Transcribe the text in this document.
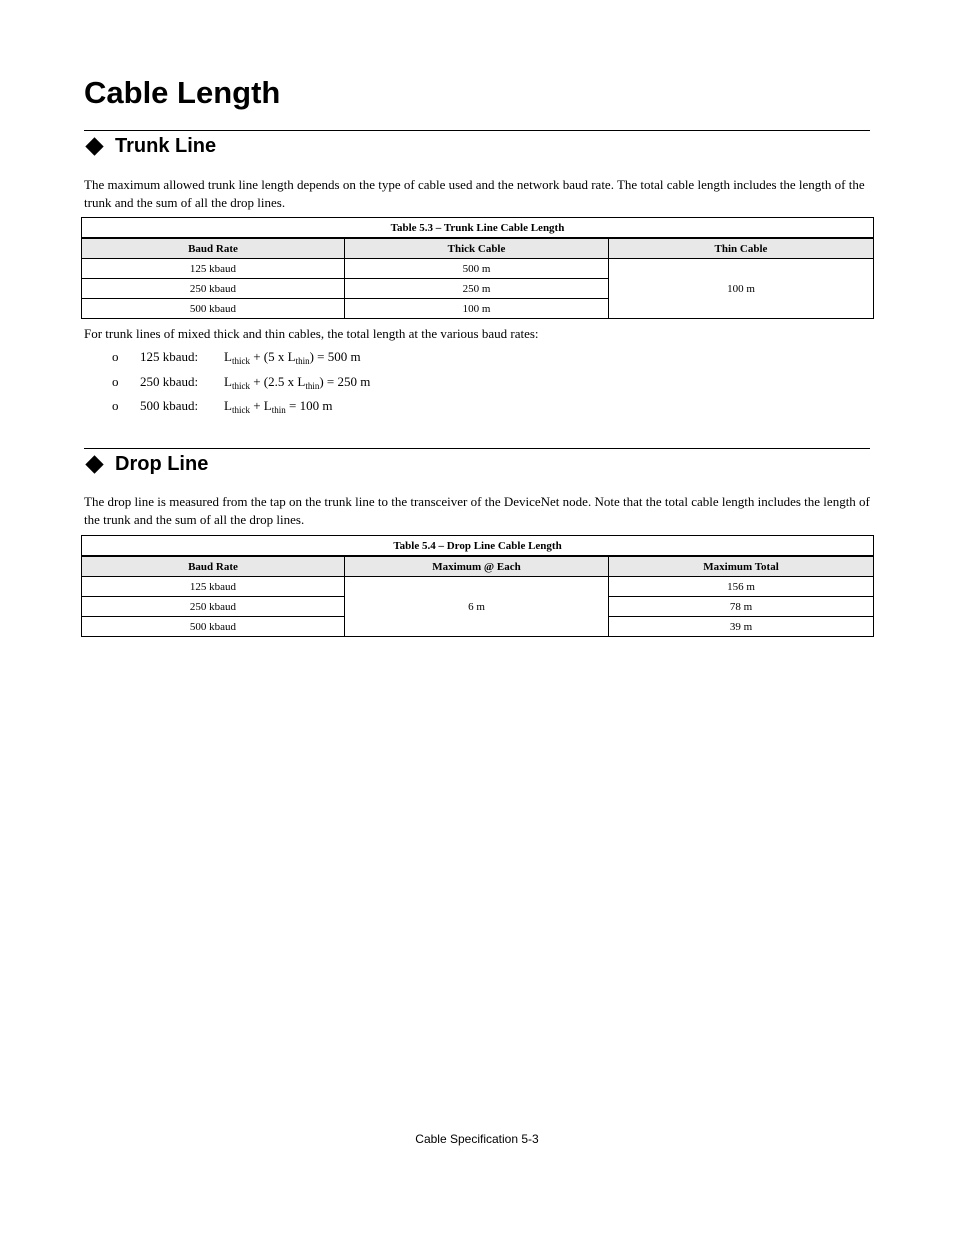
Cable Length
Trunk Line

The maximum allowed trunk line length depends on the type of cable used and the network baud rate. The total cable length includes the length of the trunk and the sum of all the drop lines.

Table 5.3 – Trunk Line Cable Length		
Baud Rate	Thick Cable	Thin Cable
125 kbaud	500 m	100 m
250 kbaud	250 m	
500 kbaud	100 m	

For trunk lines of mixed thick and thin cables, the total length at the various baud rates:

o 125 kbaud: $L_{thick} + (5$ x $L_{thin}) = 500$ m
o 250 kbaud: $L_{thick} + (2.5$ x $L_{thin}) = 250$ m
o 500 kbaud: $L_{thick} + L_{thin} = 100$ m
Drop Line

The drop line is measured from the tap on the trunk line to the transceiver of the DeviceNet node. Note that the total cable length includes the length of the trunk and the sum of all the drop lines.

Table 5.4 – Drop Line Cable Length		
Baud Rate	Maximum @ Each	Maximum Total
125 kbaud	6 m	156 m
250 kbaud		78 m
500 kbaud		39 m
Cable Specification 5-3
